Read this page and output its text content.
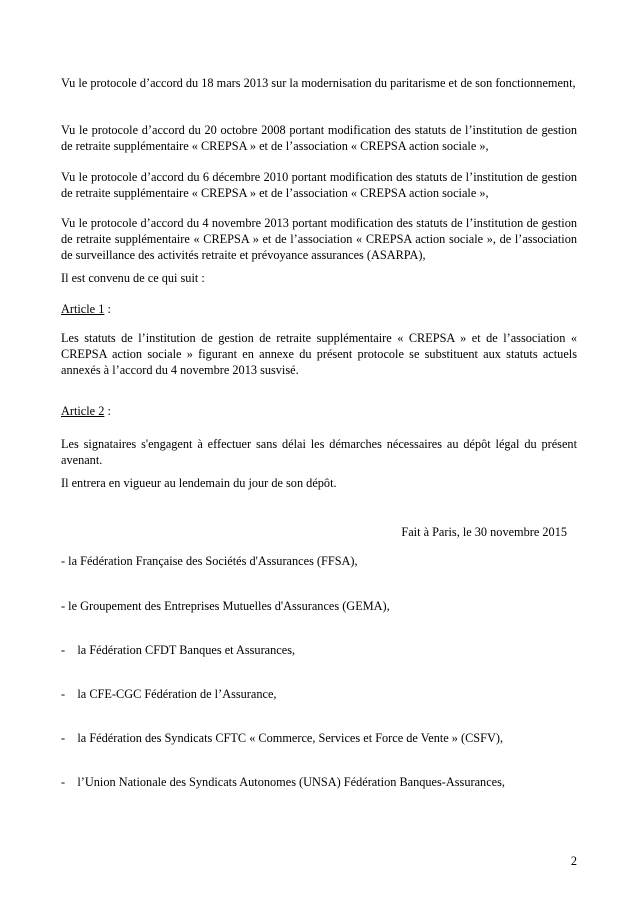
Vu le protocole d’accord du 18 mars 2013 sur la modernisation du paritarisme et de son fonctionnement,

Vu le protocole d’accord du 20 octobre 2008 portant modification des statuts de l’institution de gestion de retraite supplémentaire « CREPSA » et de l’association « CREPSA action sociale »,

Vu le protocole d’accord du 6 décembre 2010 portant modification des statuts de l’institution de gestion de retraite supplémentaire « CREPSA » et de l’association « CREPSA action sociale »,

Vu le protocole d’accord du 4 novembre 2013 portant modification des statuts de l’institution de gestion de retraite supplémentaire « CREPSA » et de l’association « CREPSA action sociale », de l’association de surveillance des activités retraite et prévoyance assurances (ASARPA),

Il est convenu de ce qui suit :

Article 1 :

Les statuts de l’institution de gestion de retraite supplémentaire « CREPSA » et de l’association « CREPSA action sociale » figurant en annexe du présent protocole se substituent aux statuts actuels annexés à l’accord du 4 novembre 2013 susvisé.

Article 2 :

Les signataires s'engagent à effectuer sans délai les démarches nécessaires au dépôt légal du présent avenant.

Il entrera en vigueur au lendemain du jour de son dépôt.

Fait à Paris, le 30 novembre 2015

- la Fédération Française des Sociétés d'Assurances (FFSA),

- le Groupement des Entreprises Mutuelles d'Assurances (GEMA),

-    la Fédération CFDT Banques et Assurances,

-    la CFE-CGC Fédération de l’Assurance,

-    la Fédération des Syndicats CFTC « Commerce, Services et Force de Vente » (CSFV),

-    l’Union Nationale des Syndicats Autonomes (UNSA) Fédération Banques-Assurances,

2
